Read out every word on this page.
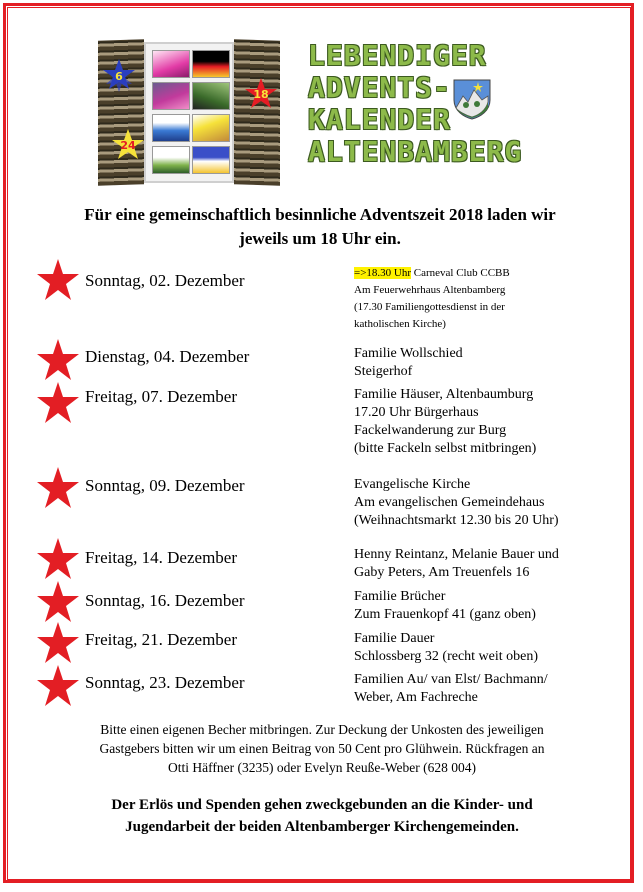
6
18
24
LEBENDIGER
ADVENTS-
KALENDER
ALTENBAMBERG
Für eine gemeinschaftlich besinnliche Adventszeit 2018 laden wir
jeweils um 18 Uhr ein.
Sonntag, 02. Dezember	=>18.30 Uhr Carneval Club CCBB
Am Feuerwehrhaus Altenbamberg
(17.30 Familiengottesdienst in der
katholischen Kirche)
Dienstag, 04. Dezember	Familie Wollschied
Steigerhof
Freitag, 07. Dezember	Familie Häuser, Altenbaumburg
17.20 Uhr Bürgerhaus
Fackelwanderung zur Burg
(bitte Fackeln selbst mitbringen)
Sonntag, 09. Dezember	Evangelische Kirche
Am evangelischen Gemeindehaus
(Weihnachtsmarkt 12.30 bis 20 Uhr)
Freitag, 14. Dezember	Henny Reintanz, Melanie Bauer und
Gaby Peters, Am Treuenfels 16
Sonntag, 16. Dezember	Familie Brücher
Zum Frauenkopf 41 (ganz oben)
Freitag, 21. Dezember	Familie Dauer
Schlossberg 32 (recht weit oben)
Sonntag, 23. Dezember	Familien Au/ van Elst/ Bachmann/
Weber, Am Fachreche
Bitte einen eigenen Becher mitbringen. Zur Deckung der Unkosten des jeweiligen
Gastgebers bitten wir um einen Beitrag von 50 Cent pro Glühwein. Rückfragen an
Otti Häffner (3235) oder Evelyn Reuße-Weber (628 004)
Der Erlös und Spenden gehen zweckgebunden an die Kinder- und
Jugendarbeit der beiden Altenbamberger Kirchengemeinden.
